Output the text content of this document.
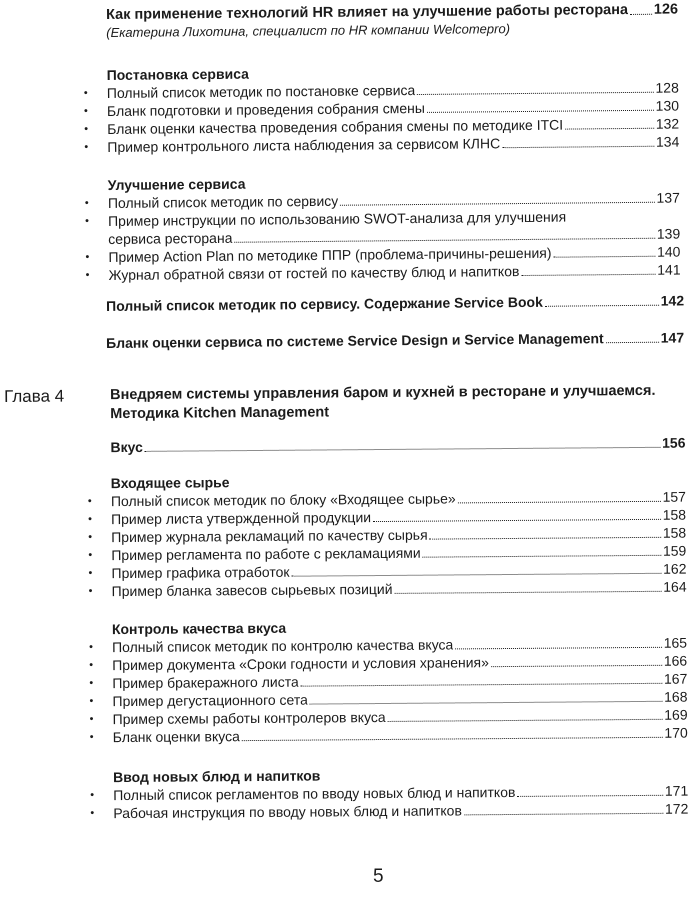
Как применение технологий HR влияет на улучшение работы ресторана 126
(Екатерина Лихотина, специалист по HR компании Welcomepro)
Постановка сервиса
• Полный список методик по постановке сервиса	128
• Бланк подготовки и проведения собрания смены	130
• Бланк оценки качества проведения собрания смены по методике ITCI	132
• Пример контрольного листа наблюдения за сервисом КЛНС	134
Улучшение сервиса
• Полный список методик по сервису	137
• Пример инструкции по использованию SWOT-анализа для улучшения
сервиса ресторана	139
• Пример Action Plan по методике ППР (проблема-причины-решения)	140
• Журнал обратной связи от гостей по качеству блюд и напитков	141
Полный список методик по сервису. Содержание Service Book	142
Бланк оценки сервиса по системе Service Design и Service Management	147
Глава 4	Внедряем системы управления баром и кухней в ресторане и улучшаемся.
Методика Kitchen Management
Вкус	156
Входящее сырье
• Полный список методик по блоку «Входящее сырье»	157
• Пример листа утвержденной продукции	158
• Пример журнала рекламаций по качеству сырья	158
• Пример регламента по работе с рекламациями	159
• Пример графика отработок	162
• Пример бланка завесов сырьевых позиций	164
Контроль качества вкуса
• Полный список методик по контролю качества вкуса	165
• Пример документа «Сроки годности и условия хранения»	166
• Пример бракеражного листа	167
• Пример дегустационного сета	168
• Пример схемы работы контролеров вкуса	169
• Бланк оценки вкуса	170
Ввод новых блюд и напитков
• Полный список регламентов по вводу новых блюд и напитков	171
• Рабочая инструкция по вводу новых блюд и напитков	172
5
